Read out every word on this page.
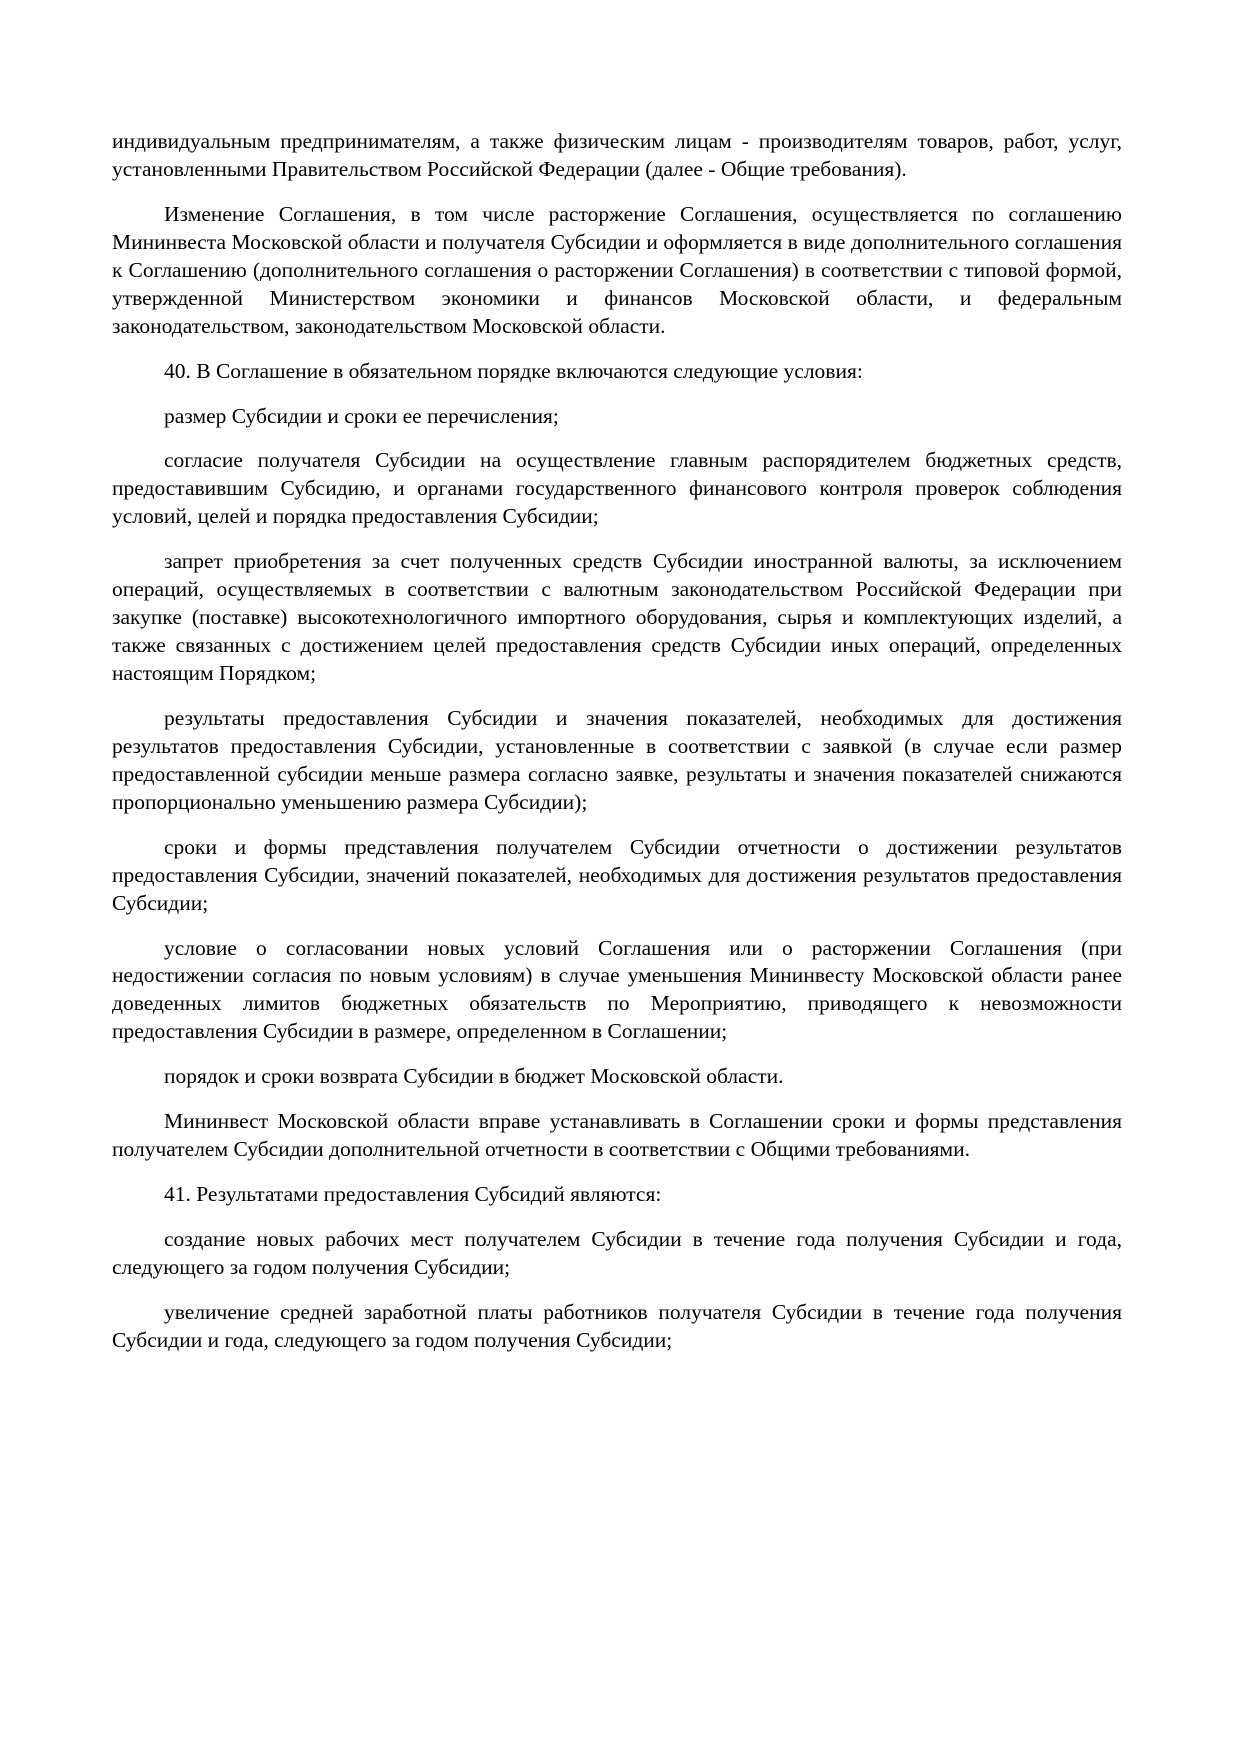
индивидуальным предпринимателям, а также физическим лицам - производителям товаров, работ, услуг, установленными Правительством Российской Федерации (далее - Общие требования).

Изменение Соглашения, в том числе расторжение Соглашения, осуществляется по соглашению Мининвеста Московской области и получателя Субсидии и оформляется в виде дополнительного соглашения к Соглашению (дополнительного соглашения о расторжении Соглашения) в соответствии с типовой формой, утвержденной Министерством экономики и финансов Московской области, и федеральным законодательством, законодательством Московской области.

40. В Соглашение в обязательном порядке включаются следующие условия:

размер Субсидии и сроки ее перечисления;

согласие получателя Субсидии на осуществление главным распорядителем бюджетных средств, предоставившим Субсидию, и органами государственного финансового контроля проверок соблюдения условий, целей и порядка предоставления Субсидии;

запрет приобретения за счет полученных средств Субсидии иностранной валюты, за исключением операций, осуществляемых в соответствии с валютным законодательством Российской Федерации при закупке (поставке) высокотехнологичного импортного оборудования, сырья и комплектующих изделий, а также связанных с достижением целей предоставления средств Субсидии иных операций, определенных настоящим Порядком;

результаты предоставления Субсидии и значения показателей, необходимых для достижения результатов предоставления Субсидии, установленные в соответствии с заявкой (в случае если размер предоставленной субсидии меньше размера согласно заявке, результаты и значения показателей снижаются пропорционально уменьшению размера Субсидии);

сроки и формы представления получателем Субсидии отчетности о достижении результатов предоставления Субсидии, значений показателей, необходимых для достижения результатов предоставления Субсидии;

условие о согласовании новых условий Соглашения или о расторжении Соглашения (при недостижении согласия по новым условиям) в случае уменьшения Мининвесту Московской области ранее доведенных лимитов бюджетных обязательств по Мероприятию, приводящего к невозможности предоставления Субсидии в размере, определенном в Соглашении;

порядок и сроки возврата Субсидии в бюджет Московской области.

Мининвест Московской области вправе устанавливать в Соглашении сроки и формы представления получателем Субсидии дополнительной отчетности в соответствии с Общими требованиями.

41. Результатами предоставления Субсидий являются:

создание новых рабочих мест получателем Субсидии в течение года получения Субсидии и года, следующего за годом получения Субсидии;

увеличение средней заработной платы работников получателя Субсидии в течение года получения Субсидии и года, следующего за годом получения Субсидии;
